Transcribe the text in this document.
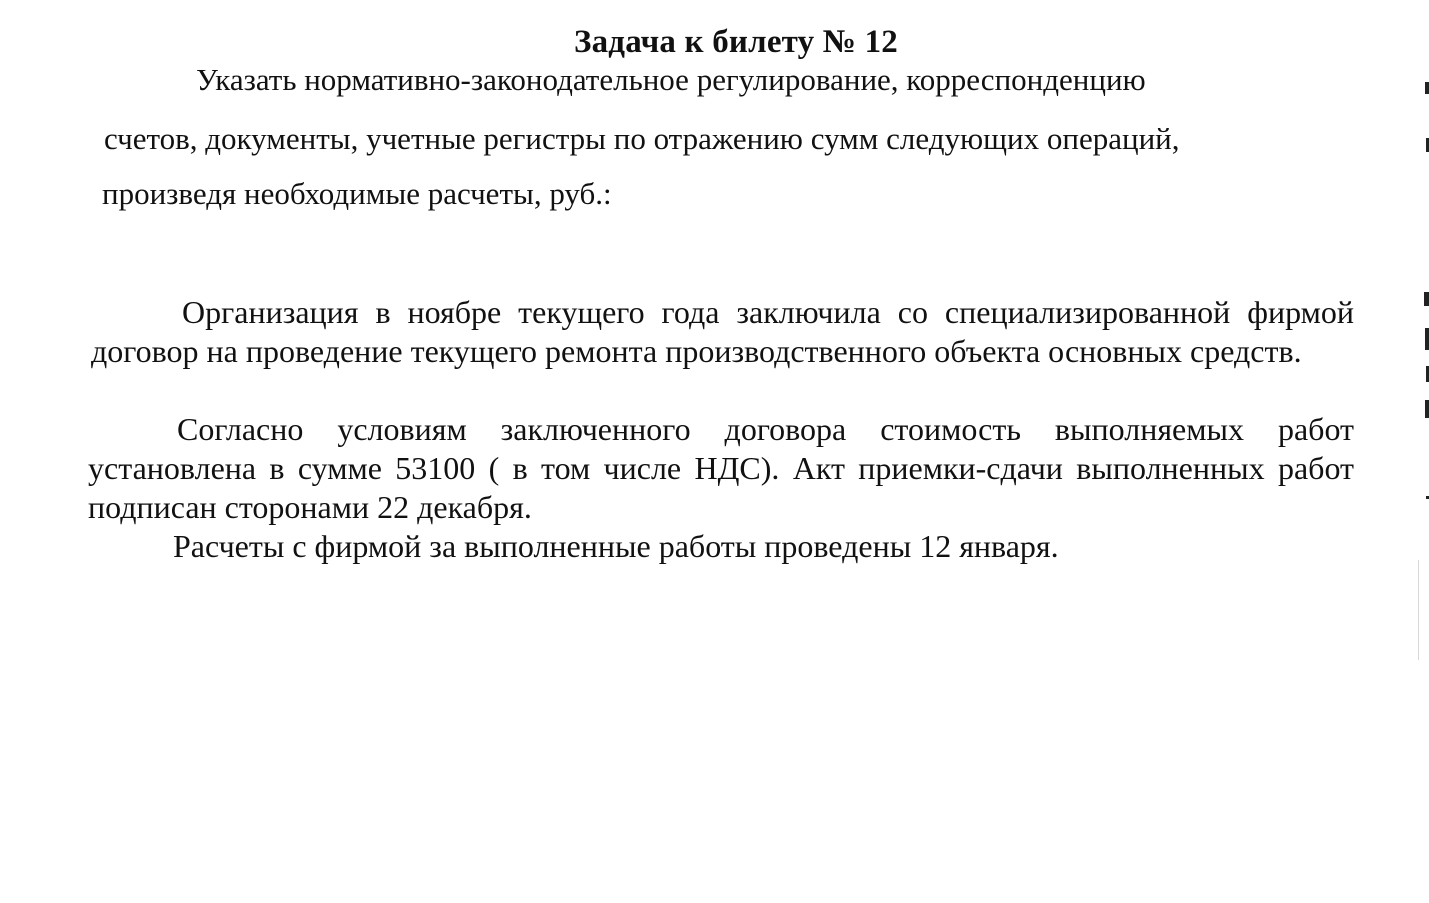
Задача к билету № 12
Указать нормативно-законодательное регулирование, корреспонденцию
счетов, документы, учетные регистры по отражению сумм следующих операций,
произведя необходимые расчеты, руб.:
Организация в ноябре текущего года заключила со специализированной фирмой договор на проведение текущего ремонта производственного объекта основных средств.
Согласно условиям заключенного договора стоимость выполняемых работ установлена в сумме 53100 ( в том числе НДС). Акт приемки-сдачи выполненных работ подписан сторонами 22 декабря.
Расчеты с фирмой за выполненные работы проведены 12 января.
